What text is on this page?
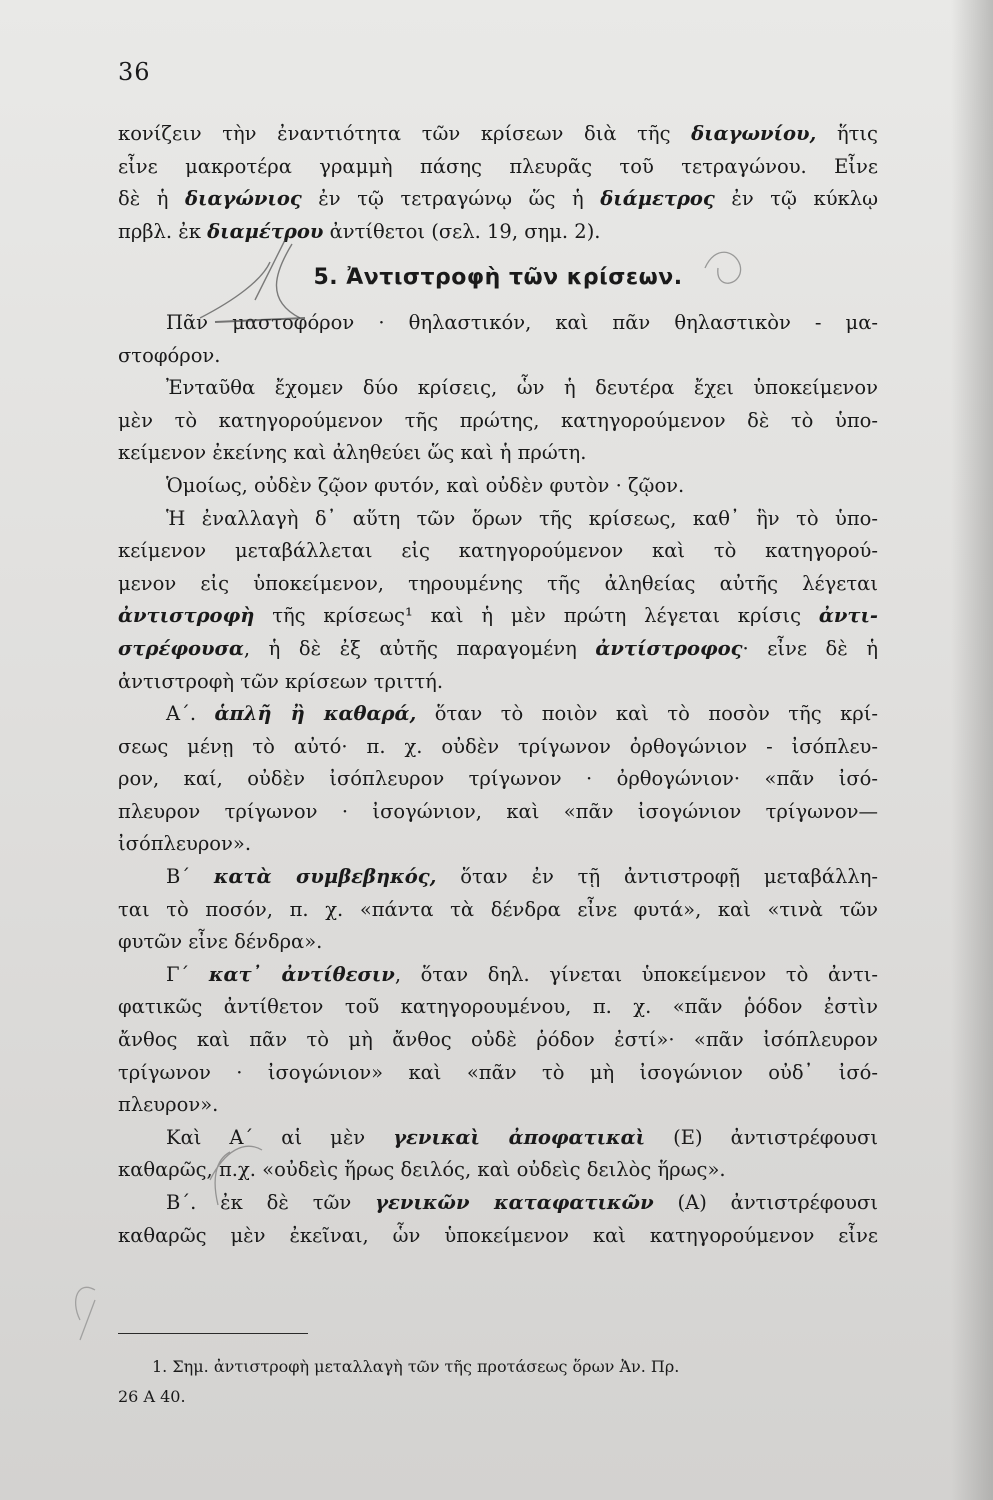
36
κονίζειν τὴν ἐναντιότητα τῶν κρίσεων διὰ τῆς διαγωνίου, ἥτις
εἶνε μακροτέρα γραμμὴ πάσης πλευρᾶς τοῦ τετραγώνου. Εἶνε
δὲ ἡ διαγώνιος ἐν τῷ τετραγώνῳ ὥς ἡ διάμετρος ἐν τῷ κύκλῳ
πρβλ. ἐκ διαμέτρου ἀντίθετοι (σελ. 19, σημ. 2).
5. Ἀντιστροφὴ τῶν κρίσεων.
Πᾶν μαστοφόρον · θηλαστικόν, καὶ πᾶν θηλαστικὸν - μα-
στοφόρον.
Ἐνταῦθα ἔχομεν δύο κρίσεις, ὧν ἡ δευτέρα ἔχει ὑποκείμενον
μὲν τὸ κατηγορούμενον τῆς πρώτης, κατηγορούμενον δὲ τὸ ὑπο-
κείμενον ἐκείνης καὶ ἀληθεύει ὥς καὶ ἡ πρώτη.
Ὁμοίως, οὐδὲν ζῷον φυτόν, καὶ οὐδὲν φυτὸν · ζῷον.
Ἡ ἐναλλαγὴ δ᾽ αὕτη τῶν ὅρων τῆς κρίσεως, καθ᾽ ἣν τὸ ὑπο-
κείμενον μεταβάλλεται εἰς κατηγορούμενον καὶ τὸ κατηγορού-
μενον εἰς ὑποκείμενον, τηρουμένης τῆς ἀληθείας αὐτῆς λέγεται
ἀντιστροφὴ τῆς κρίσεως¹ καὶ ἡ μὲν πρώτη λέγεται κρίσις ἀντι-
στρέφουσα, ἡ δὲ ἐξ αὐτῆς παραγομένη ἀντίστροφος· εἶνε δὲ ἡ
ἀντιστροφὴ τῶν κρίσεων τριττή.
Α΄. ἁπλῆ ἢ καθαρά, ὅταν τὸ ποιὸν καὶ τὸ ποσὸν τῆς κρί-
σεως μένῃ τὸ αὐτό· π. χ. οὐδὲν τρίγωνον ὀρθογώνιον - ἰσόπλευ-
ρον, καί, οὐδὲν ἰσόπλευρον τρίγωνον · ὀρθογώνιον· «πᾶν ἰσό-
πλευρον τρίγωνον · ἰσογώνιον, καὶ «πᾶν ἰσογώνιον τρίγωνον—
ἰσόπλευρον».
Β΄ κατὰ συμβεβηκός, ὅταν ἐν τῇ ἀντιστροφῇ μεταβάλλη-
ται τὸ ποσόν, π. χ. «πάντα τὰ δένδρα εἶνε φυτά», καὶ «τινὰ τῶν
φυτῶν εἶνε δένδρα».
Γ΄ κατ᾽ ἀντίθεσιν, ὅταν δηλ. γίνεται ὑποκείμενον τὸ ἀντι-
φατικῶς ἀντίθετον τοῦ κατηγορουμένου, π. χ. «πᾶν ῥόδον ἐστὶν
ἄνθος καὶ πᾶν τὸ μὴ ἄνθος οὐδὲ ῥόδον ἐστί»· «πᾶν ἰσόπλευρον
τρίγωνον · ἰσογώνιον» καὶ «πᾶν τὸ μὴ ἰσογώνιον οὐδ᾽ ἰσό-
πλευρον».
Καὶ Α΄ αἱ μὲν γενικαὶ ἀποφατικαὶ (Ε) ἀντιστρέφουσι
καθαρῶς, π.χ. «οὐδεὶς ἥρως δειλός, καὶ οὐδεὶς δειλὸς ἥρως».
Β΄. ἐκ δὲ τῶν γενικῶν καταφατικῶν (Α) ἀντιστρέφουσι
καθαρῶς μὲν ἐκεῖναι, ὧν ὑποκείμενον καὶ κατηγορούμενον εἶνε
1. Σημ. ἀντιστροφὴ μεταλλαγὴ τῶν τῆς προτάσεως ὅρων Ἀν. Πρ.
26 Α 40.
